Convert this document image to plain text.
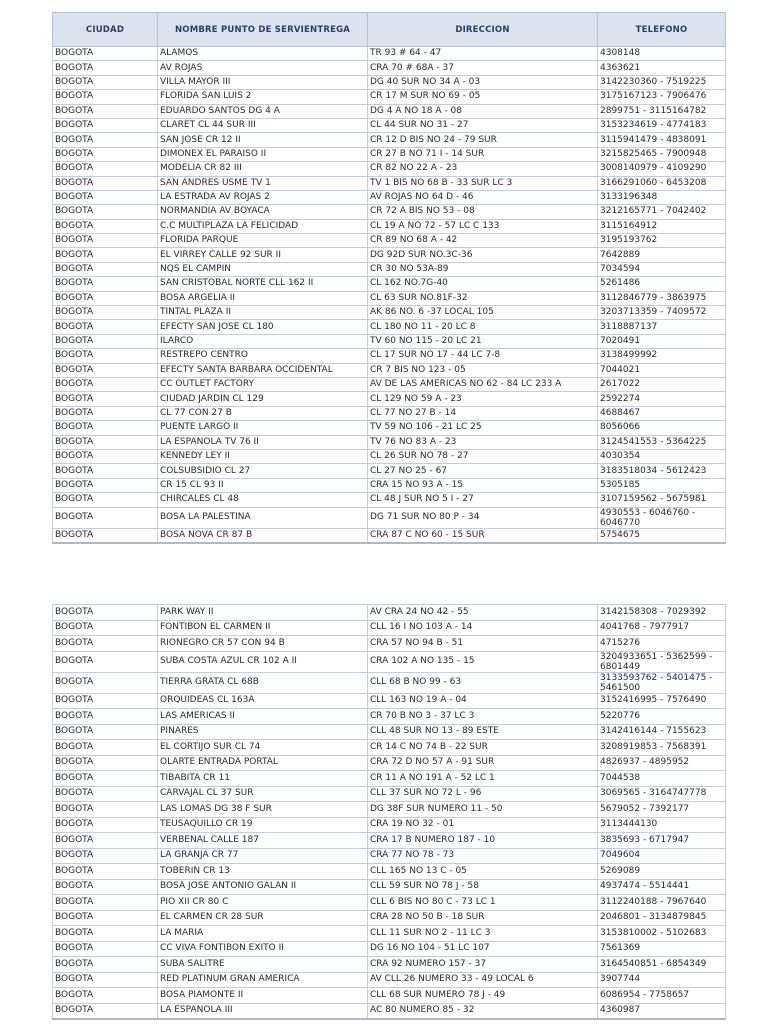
CIUDAD	NOMBRE PUNTO DE SERVIENTREGA	DIRECCION	TELEFONO
BOGOTA	ALAMOS	TR 93 # 64 - 47	4308148
BOGOTA	AV ROJAS	CRA 70 # 68A - 37	4363621
BOGOTA	VILLA MAYOR III	DG 40 SUR NO 34 A - 03	3142230360 - 7519225
BOGOTA	FLORIDA SAN LUIS 2	CR 17 M SUR NO 69 - 05	3175167123 - 7906476
BOGOTA	EDUARDO SANTOS DG 4 A	DG 4 A NO 18 A - 08	2899751 - 3115164782
BOGOTA	CLARET CL 44 SUR III	CL 44 SUR NO 31 - 27	3153234619 - 4774183
BOGOTA	SAN JOSE CR 12 II	CR 12 D BIS NO 24 - 79 SUR	3115941479 - 4838091
BOGOTA	DIMONEX EL PARAISO II	CR 27 B NO 71 I - 14 SUR	3215825465 - 7900948
BOGOTA	MODELIA CR 82 III	CR 82 NO 22 A - 23	3008140979 - 4109290
BOGOTA	SAN ANDRES USME TV 1	TV 1 BIS NO 68 B - 33 SUR LC 3	3166291060 - 6453208
BOGOTA	LA ESTRADA AV ROJAS 2	AV ROJAS NO 64 D - 46	3133196348
BOGOTA	NORMANDIA AV BOYACA	CR 72 A BIS NO 53 - 08	3212165771 - 7042402
BOGOTA	C.C MULTIPLAZA LA FELICIDAD	CL 19 A NO 72 - 57 LC C 133	3115164912
BOGOTA	FLORIDA PARQUE	CR 89 NO 68 A - 42	3195193762
BOGOTA	EL VIRREY CALLE 92 SUR II	DG 92D SUR NO.3C-36	7642889
BOGOTA	NQS EL CAMPIN	CR 30 NO 53A-89	7034594
BOGOTA	SAN CRISTOBAL NORTE CLL 162 II	CL 162 NO.7G-40	5261486
BOGOTA	BOSA ARGELIA II	CL 63 SUR NO.81F-32	3112846779 - 3863975
BOGOTA	TINTAL PLAZA II	AK 86 NO. 6 -37 LOCAL 105	3203713359 - 7409572
BOGOTA	EFECTY SAN JOSE CL 180	CL 180 NO 11 - 20 LC 8	3118887137
BOGOTA	ILARCO	TV 60 NO 115 - 20 LC 21	7020491
BOGOTA	RESTREPO CENTRO	CL 17 SUR NO 17 - 44 LC 7-8	3138499992
BOGOTA	EFECTY SANTA BARBARA OCCIDENTAL	CR 7 BIS NO 123 - 05	7044021
BOGOTA	CC OUTLET FACTORY	AV DE LAS AMERICAS NO 62 - 84 LC 233 A	2617022
BOGOTA	CIUDAD JARDIN CL 129	CL 129 NO 59 A - 23	2592274
BOGOTA	CL 77 CON 27 B	CL 77 NO 27 B - 14	4688467
BOGOTA	PUENTE LARGO II	TV 59 NO 106 - 21 LC 25	8056066
BOGOTA	LA ESPANOLA TV 76 II	TV 76 NO 83 A - 23	3124541553 - 5364225
BOGOTA	KENNEDY LEY II	CL 26 SUR NO 78 - 27	4030354
BOGOTA	COLSUBSIDIO CL 27	CL 27 NO 25 - 67	3183518034 - 5612423
BOGOTA	CR 15 CL 93 II	CRA 15 NO 93 A - 15	5305185
BOGOTA	CHIRCALES CL 48	CL 48 J SUR NO 5 I - 27	3107159562 - 5675981
BOGOTA	BOSA LA PALESTINA	DG 71 SUR NO 80 P - 34	4930553 - 6046760 - 6046770
BOGOTA	BOSA NOVA CR 87 B	CRA 87 C NO 60 - 15 SUR	5754675
BOGOTA	PARK WAY II	AV CRA 24 NO 42 - 55	3142158308 - 7029392
BOGOTA	FONTIBON EL CARMEN II	CLL 16 I NO 103 A - 14	4041768 - 7977917
BOGOTA	RIONEGRO CR 57 CON 94 B	CRA 57 NO 94 B - 51	4715276
BOGOTA	SUBA COSTA AZUL CR 102 A II	CRA 102 A NO 135 - 15	3204933651 - 5362599 - 6801449
BOGOTA	TIERRA GRATA CL 68B	CLL 68 B NO 99 - 63	3133593762 - 5401475 - 5461500
BOGOTA	ORQUIDEAS CL 163A	CLL 163 NO 19 A - 04	3152416995 - 7576490
BOGOTA	LAS AMERICAS II	CR 70 B NO 3 - 37 LC 3	5220776
BOGOTA	PINARES	CLL 48 SUR NO 13 - 89 ESTE	3142416144 - 7155623
BOGOTA	EL CORTIJO SUR CL 74	CR 14 C NO 74 B - 22 SUR	3208919853 - 7568391
BOGOTA	OLARTE ENTRADA PORTAL	CRA 72 D NO 57 A - 91 SUR	4826937 - 4895952
BOGOTA	TIBABITA CR 11	CR 11 A NO 191 A - 52 LC 1	7044538
BOGOTA	CARVAJAL CL 37 SUR	CLL 37 SUR NO 72 L - 96	3069565 - 3164747778
BOGOTA	LAS LOMAS DG 38 F SUR	DG 38F SUR NUMERO 11 - 50	5679052 - 7392177
BOGOTA	TEUSAQUILLO CR 19	CRA 19 NO 32 - 01	3113444130
BOGOTA	VERBENAL CALLE 187	CRA 17 B NUMERO 187 - 10	3835693 - 6717947
BOGOTA	LA GRANJA CR 77	CRA 77 NO 78 - 73	7049604
BOGOTA	TOBERIN CR 13	CLL 165 NO 13 C - 05	5269089
BOGOTA	BOSA JOSE ANTONIO GALAN II	CLL 59 SUR NO 78 J - 58	4937474 - 5514441
BOGOTA	PIO XII CR 80 C	CLL 6 BIS NO 80 C - 73 LC 1	3112240188 - 7967640
BOGOTA	EL CARMEN CR 28 SUR	CRA 28 NO 50 B - 18 SUR	2046801 - 3134879845
BOGOTA	LA MARIA	CLL 11 SUR NO 2 - 11 LC 3	3153810002 - 5102683
BOGOTA	CC VIVA FONTIBON EXITO II	DG 16 NO 104 - 51 LC 107	7561369
BOGOTA	SUBA SALITRE	CRA 92 NUMERO 157 - 37	3164540851 - 6854349
BOGOTA	RED PLATINUM GRAN AMERICA	AV CLL 26 NUMERO 33 - 49 LOCAL 6	3907744
BOGOTA	BOSA PIAMONTE II	CLL 68 SUR NUMERO 78 J - 49	6086954 - 7758657
BOGOTA	LA ESPANOLA III	AC 80 NUMERO 85 - 32	4360987
